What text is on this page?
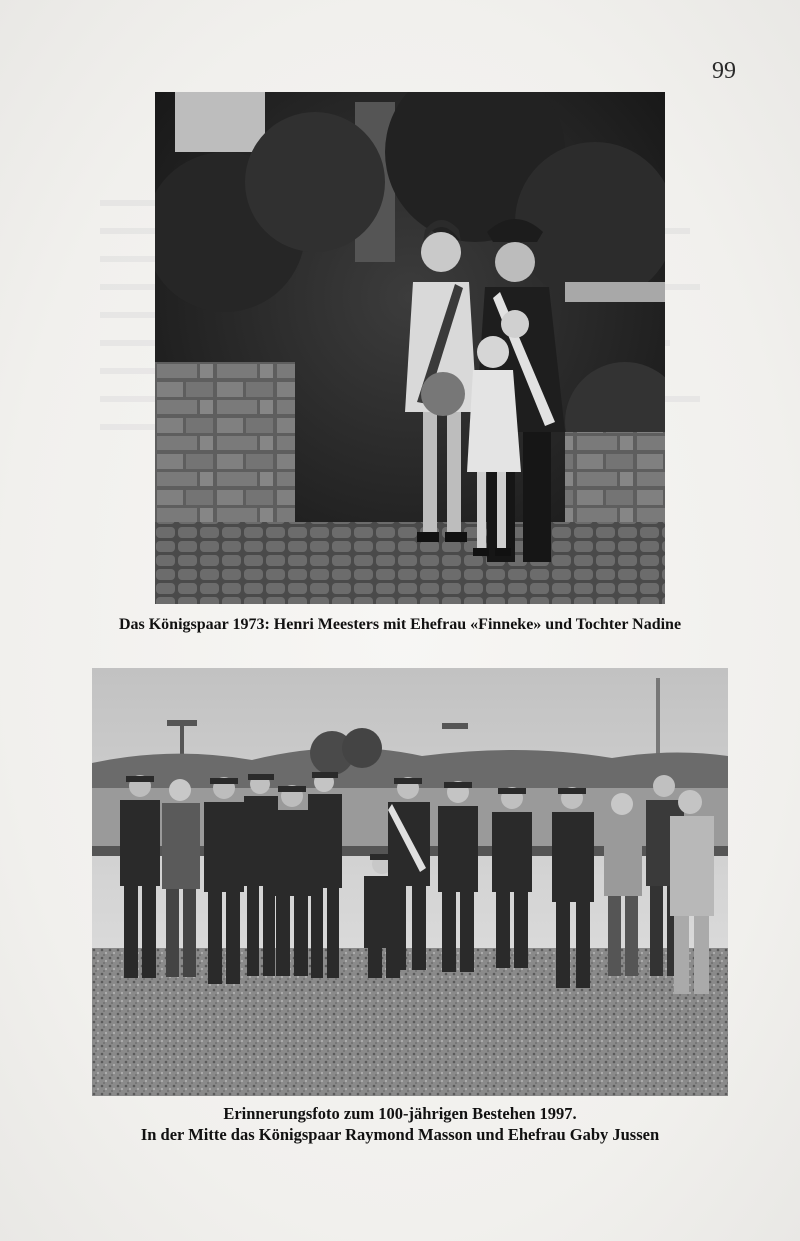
99
Das Königspaar 1973: Henri Meesters mit Ehefrau «Finneke» und Tochter Nadine
Erinnerungsfoto zum 100-jährigen Bestehen 1997.
In der Mitte das Königspaar Raymond Masson und Ehefrau Gaby Jussen
